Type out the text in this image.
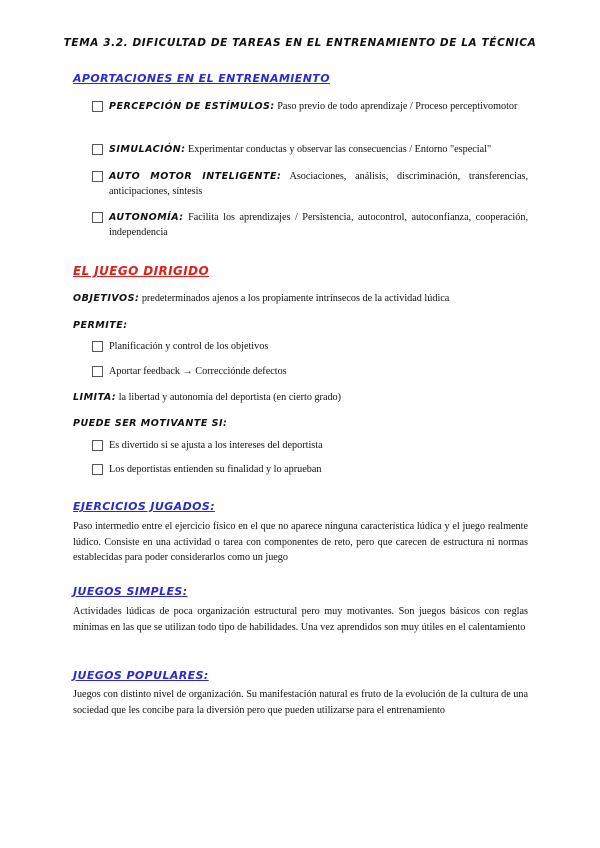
TEMA 3.2. DIFICULTAD DE TAREAS EN EL ENTRENAMIENTO DE LA TÉCNICA
APORTACIONES EN EL ENTRENAMIENTO
PERCEPCIÓN DE ESTÍMULOS: Paso previo de todo aprendizaje / Proceso perceptivomotor
SIMULACIÓN: Experimentar conductas y observar las consecuencias / Entorno "especial"
AUTO MOTOR INTELIGENTE: Asociaciones, análisis, discriminación, transferencias, anticipaciones, síntesis
AUTONOMÍA: Facilita los aprendizajes / Persistencia, autocontrol, autoconfianza, cooperación, independencia
EL JUEGO DIRIGIDO
OBJETIVOS: predeterminados ajenos a los propiamente intrínsecos de la actividad lúdica
PERMITE:
Planificación y control de los objetivos
Aportar feedback → Correccióndе defectos
LIMITA: la libertad y autonomía del deportista (en cierto grado)
PUEDE SER MOTIVANTE SI:
Es divertido si se ajusta a los intereses del deportista
Los deportistas entienden su finalidad y lo aprueban
EJERCICIOS JUGADOS:
Paso intermedio entre el ejercicio físico en el que no aparece ninguna característica lúdica y el juego realmente lúdico. Consiste en una actividad o tarea con componentes de reto, pero que carecen de estructura ni normas establecidas para poder considerarlos como un juego
JUEGOS SIMPLES:
Actividades lúdicas de poca organización estructural pero muy motivantes. Son juegos básicos con reglas mínimas en las que se utilizan todo tipo de habilidades. Una vez aprendidos son muy útiles en el calentamiento
JUEGOS POPULARES:
Juegos con distinto nivel de organización. Su manifestación natural es fruto de la evolución de la cultura de una sociedad que les concibe para la diversión pero que pueden utilizarse para el entrenamiento
